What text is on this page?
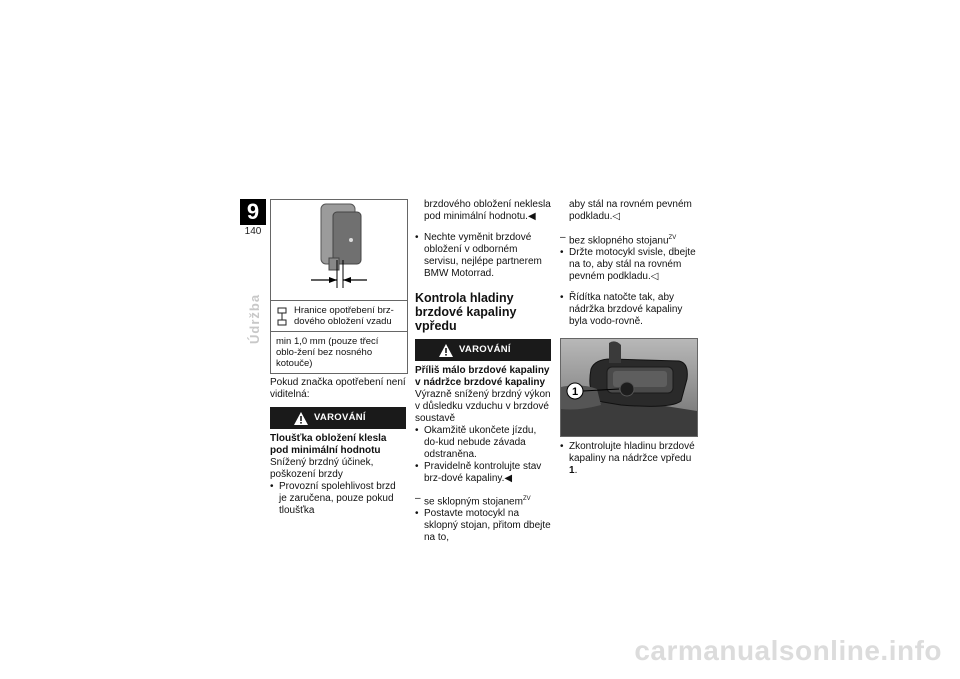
9
140
Údržba	Hranice opotřebení brz-dového obložení vzadu
min 1,0 mm (pouze třecí oblo-žení bez nosného kotouče)

Pokud značka opotřebení není viditelná:

VAROVÁNÍ

Tloušťka obložení klesla pod minimální hodnotu

Snížený brzdný účinek, poškození brzdy

• Provozní spolehlivost brzd je zaručena, pouze pokud tloušťka

brzdového obložení neklesla pod minimální hodnotu.◀

• Nechte vyměnit brzdové obložení v odborném servisu, nejlépe partnerem BMW Motorrad.
Kontrola hladiny brzdové kapaliny vpředu
VAROVÁNÍ

Příliš málo brzdové kapaliny v nádržce brzdové kapaliny

Výrazně snížený brzdný výkon v důsledku vzduchu v brzdové soustavě

• Okamžitě ukončete jízdu, do-kud nebude závada odstraněna.
• Pravidelně kontrolujte stav brz-dové kapaliny.◀

– se sklopným stojanem$^{ZV}$

• Postavte motocykl na sklopný stojan, přitom dbejte na to,

aby stál na rovném pevném podkladu.◁

– bez sklopného stojanu$^{ZV}$

• Držte motocykl svisle, dbejte na to, aby stál na rovném pevném podkladu.◁
• Řídítka natočte tak, aby nádržka brzdové kapaliny byla vodo-rovně.
1
• Zkontrolujte hladinu brzdové kapaliny na nádržce vpředu 1.
carmanualsonline.info
